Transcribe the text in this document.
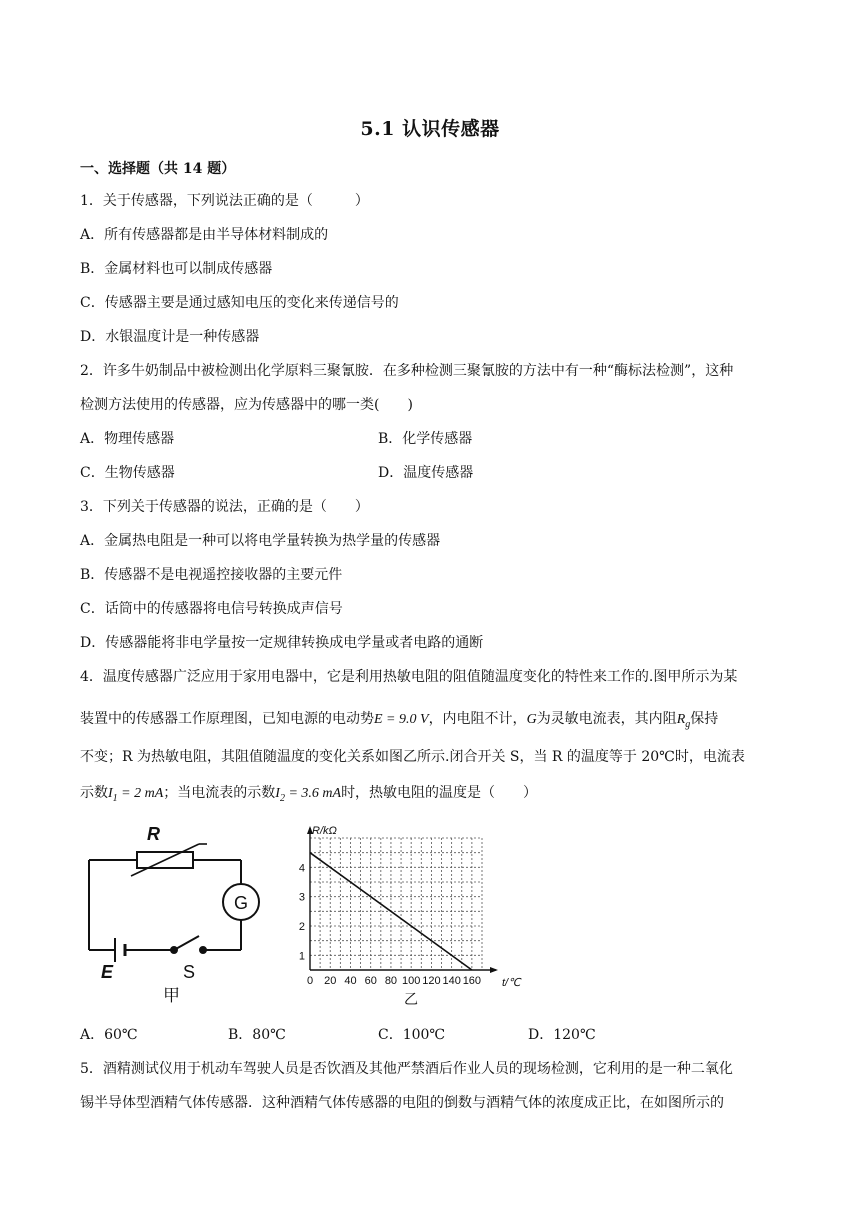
5.1 认识传感器
一、选择题（共 14 题）
1．关于传感器，下列说法正确的是（　　　）
A．所有传感器都是由半导体材料制成的
B．金属材料也可以制成传感器
C．传感器主要是通过感知电压的变化来传递信号的
D．水银温度计是一种传感器
2．许多牛奶制品中被检测出化学原料三聚氰胺．在多种检测三聚氰胺的方法中有一种“酶标法检测”，这种
检测方法使用的传感器，应为传感器中的哪一类(　　)
A．物理传感器	B．化学传感器
C．生物传感器	D．温度传感器
3．下列关于传感器的说法，正确的是（　　）
A．金属热电阻是一种可以将电学量转换为热学量的传感器
B．传感器不是电视遥控接收器的主要元件
C．话筒中的传感器将电信号转换成声信号
D．传感器能将非电学量按一定规律转换成电学量或者电路的通断
4．温度传感器广泛应用于家用电器中，它是利用热敏电阻的阻值随温度变化的特性来工作的.图甲所示为某
装置中的传感器工作原理图，已知电源的电动势E = 9.0 V，内电阻不计，G为灵敏电流表，其内阻$R_g$保持
不变；R 为热敏电阻，其阻值随温度的变化关系如图乙所示.闭合开关 S，当 R 的温度等于 20℃时，电流表
示数$I_1 = 2$ mA；当电流表的示数$I_2 = 3.6$ mA时，热敏电阻的温度是（　　）
R
G
E	S
甲
0 20 40 60 80 100 120 140 160
1
2
3
4
R/kΩ
t/℃
乙
A．60℃	B．80℃	C．100℃	D．120℃
5．酒精测试仪用于机动车驾驶人员是否饮酒及其他严禁酒后作业人员的现场检测，它利用的是一种二氧化
锡半导体型酒精气体传感器．这种酒精气体传感器的电阻的倒数与酒精气体的浓度成正比，在如图所示的
